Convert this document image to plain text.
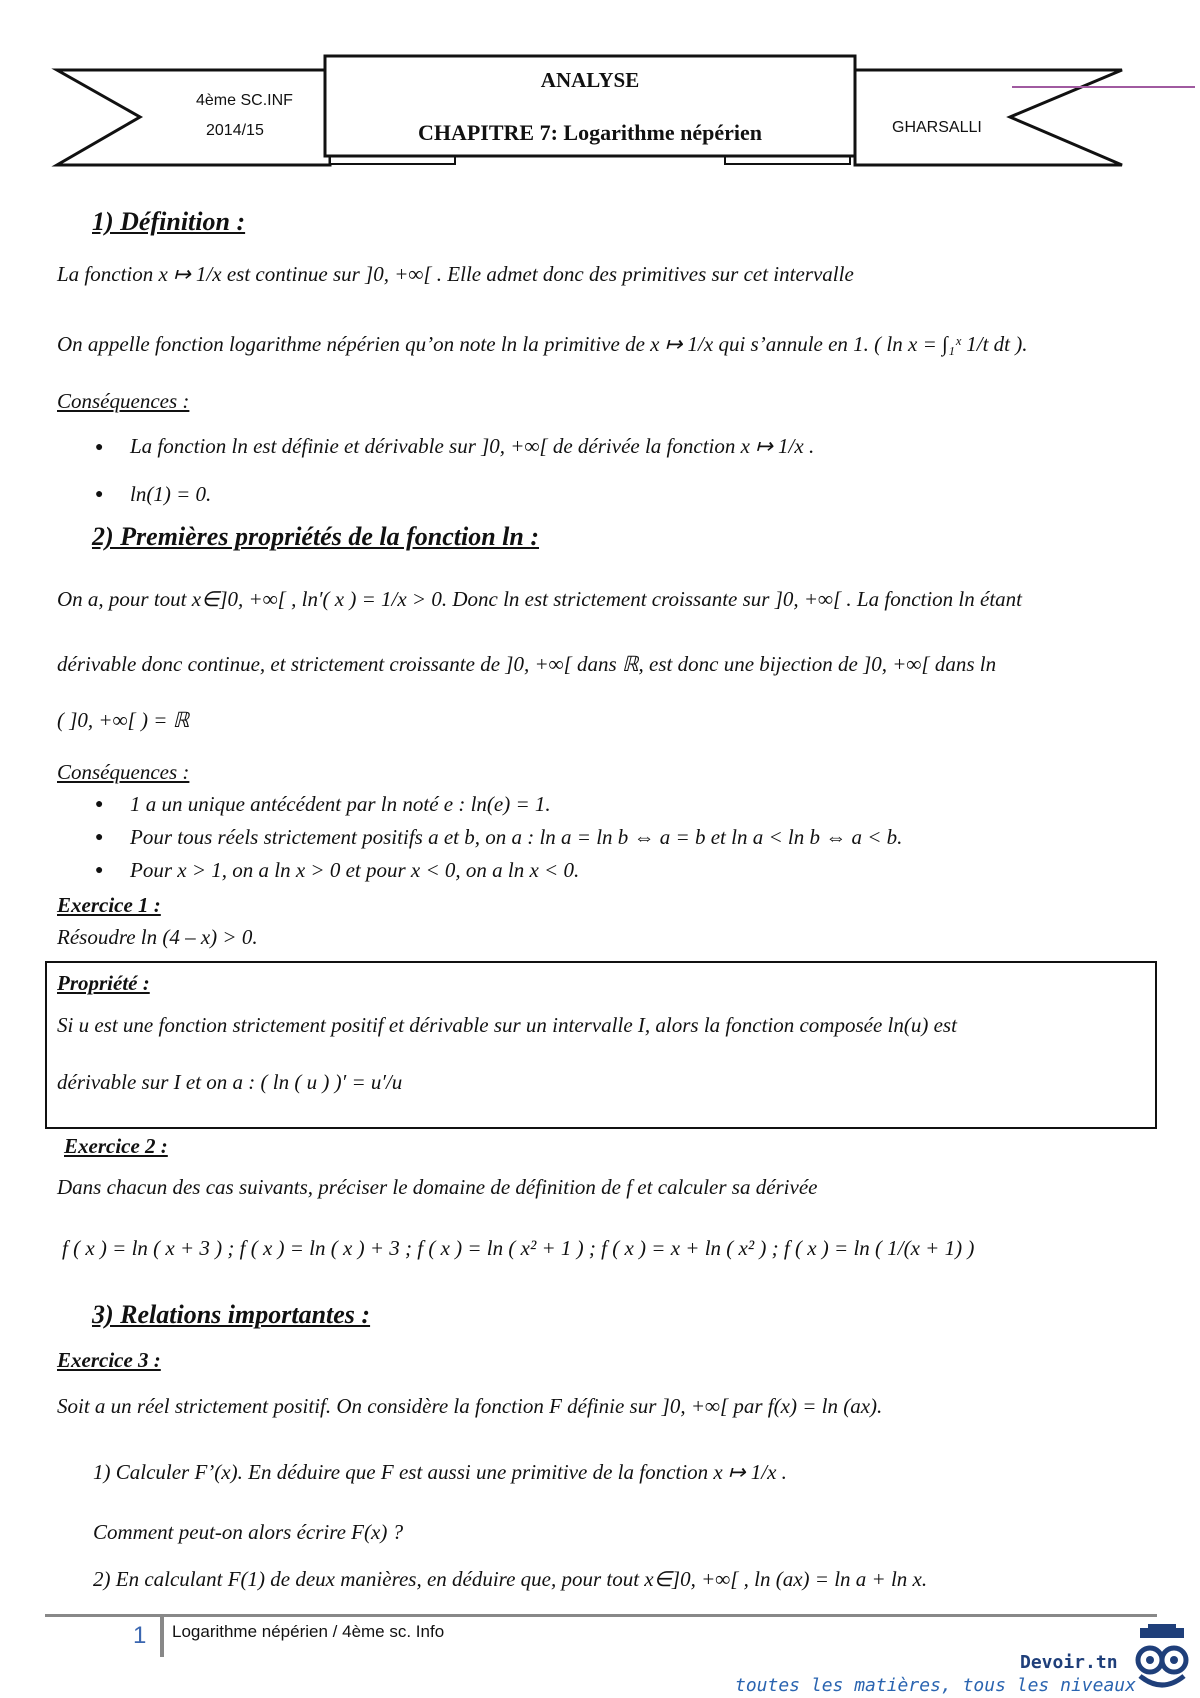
4ème SC.INF
2014/15
ANALYSE
CHAPITRE 7: Logarithme népérien	GHARSALLI
1) Définition :
La fonction x ↦ 1/x est continue sur ]0, +∞[ . Elle admet donc des primitives sur cet intervalle
On appelle fonction logarithme népérien qu’on note ln la primitive de x ↦ 1/x qui s’annule en 1. ( ln x = ∫₁ˣ 1/t dt ).
Conséquences :
● La fonction ln est définie et dérivable sur ]0, +∞[ de dérivée la fonction x ↦ 1/x .
● ln(1) = 0.
2) Premières propriétés de la fonction ln :
On a, pour tout x∈]0, +∞[ , ln′( x ) = 1/x > 0. Donc ln est strictement croissante sur ]0, +∞[ . La fonction ln étant
dérivable donc continue, et strictement croissante de ]0, +∞[ dans ℝ, est donc une bijection de ]0, +∞[ dans ln
( ]0, +∞[ ) = ℝ
Conséquences :
● 1 a un unique antécédent par ln noté e : ln(e) = 1.
● Pour tous réels strictement positifs a et b, on a : ln a = ln b ⇔ a = b et ln a < ln b ⇔ a < b.
● Pour x > 1, on a ln x > 0 et pour x < 0, on a ln x < 0.
Exercice 1 :
Résoudre ln (4 – x) > 0.
Propriété :
Si u est une fonction strictement positif et dérivable sur un intervalle I, alors la fonction composée ln(u) est
dérivable sur I et on a : ( ln ( u ) )′ = u′/u
Exercice 2 :
Dans chacun des cas suivants, préciser le domaine de définition de f et calculer sa dérivée
f ( x ) = ln ( x + 3 ) ; f ( x ) = ln ( x ) + 3 ; f ( x ) = ln ( x² + 1 ) ; f ( x ) = x + ln ( x² ) ; f ( x ) = ln ( 1/(x + 1) )
3) Relations importantes :
Exercice 3 :
Soit a un réel strictement positif. On considère la fonction F définie sur ]0, +∞[ par f(x) = ln (ax).
1) Calculer F’(x). En déduire que F est aussi une primitive de la fonction x ↦ 1/x .
Comment peut-on alors écrire F(x) ?
2) En calculant F(1) de deux manières, en déduire que, pour tout x∈]0, +∞[ , ln (ax) = ln a + ln x.
1 Logarithme népérien / 4ème sc. Info
Devoir.tn
toutes les matières, tous les niveaux
